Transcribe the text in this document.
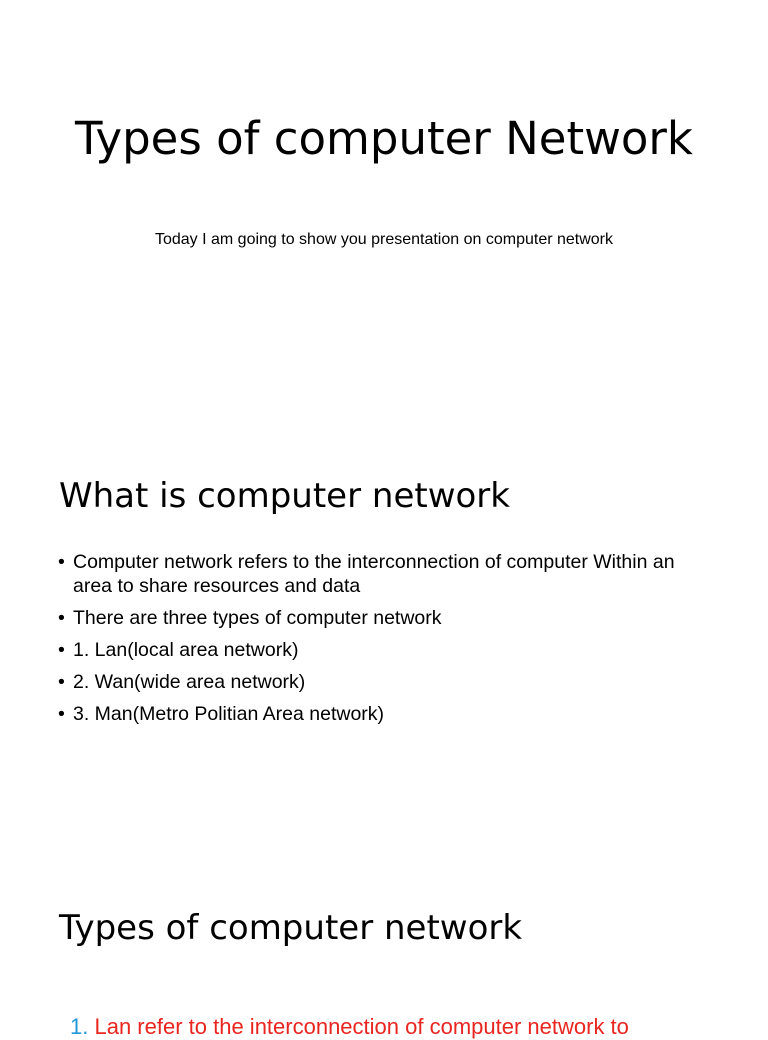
Types of computer Network

Today I am going to show you presentation on computer network

What is computer network
• Computer network refers to the interconnection of computer Within an area to share resources and data
• There are three types of computer network
• 1. Lan(local area network)
• 2. Wan(wide area network)
• 3. Man(Metro Politian Area network)
Types of computer network

1. Lan refer to the interconnection of computer network to
